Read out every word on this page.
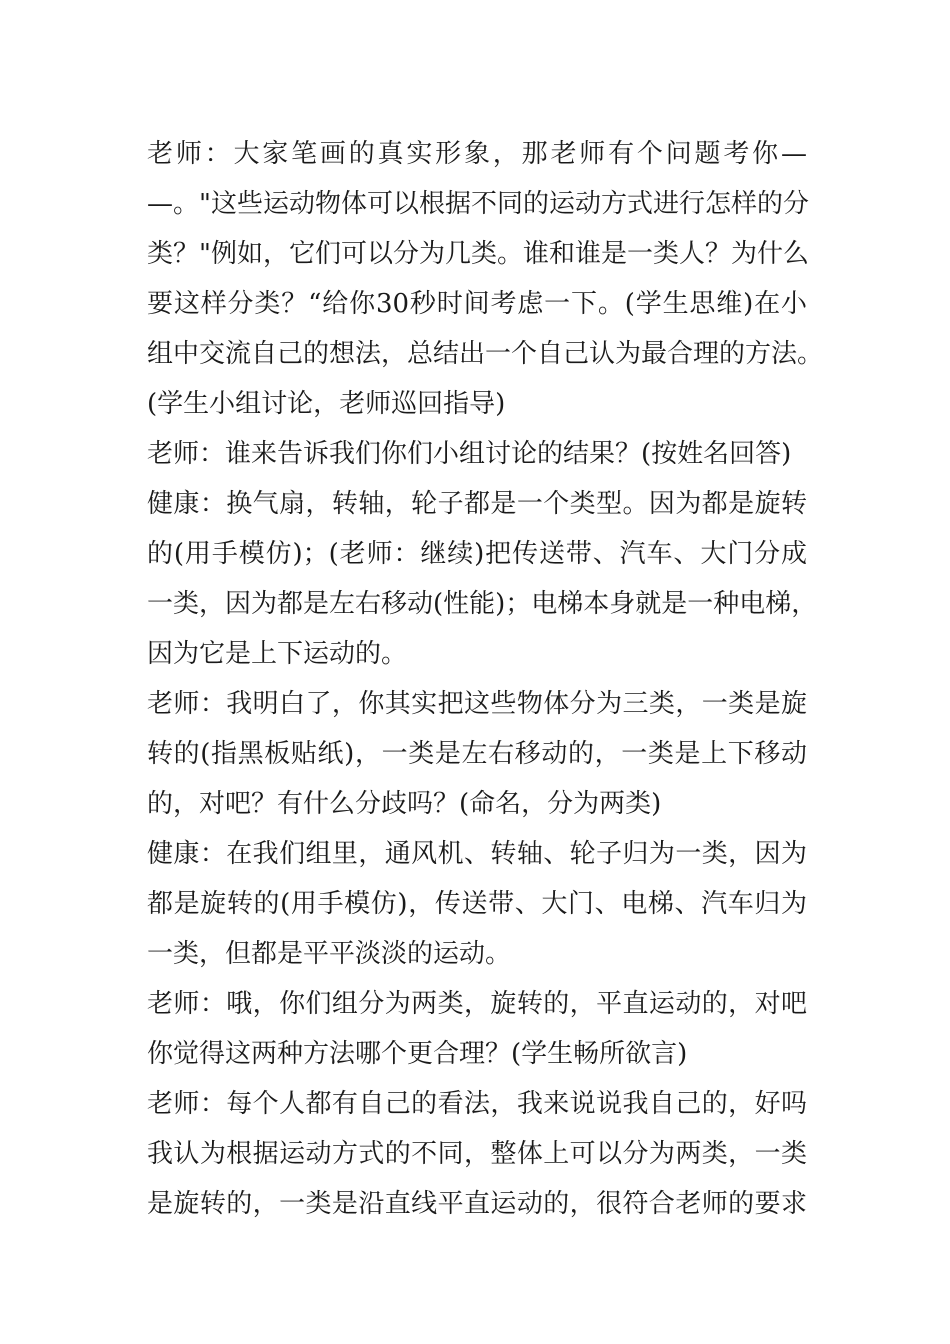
老师：大家笔画的真实形象，那老师有个问题考你—
—。"这些运动物体可以根据不同的运动方式进行怎样的分
类？"例如，它们可以分为几类。谁和谁是一类人？为什么
要这样分类？“给你30秒时间考虑一下。(学生思维)在小
组中交流自己的想法，总结出一个自己认为最合理的方法。
(学生小组讨论，老师巡回指导)
老师：谁来告诉我们你们小组讨论的结果？(按姓名回答)
健康：换气扇，转轴，轮子都是一个类型。因为都是旋转
的(用手模仿)；(老师：继续)把传送带、汽车、大门分成
一类，因为都是左右移动(性能)；电梯本身就是一种电梯，
因为它是上下运动的。
老师：我明白了，你其实把这些物体分为三类，一类是旋
转的(指黑板贴纸)，一类是左右移动的，一类是上下移动
的，对吧？有什么分歧吗？(命名，分为两类)
健康：在我们组里，通风机、转轴、轮子归为一类，因为
都是旋转的(用手模仿)，传送带、大门、电梯、汽车归为
一类，但都是平平淡淡的运动。
老师：哦，你们组分为两类，旋转的，平直运动的，对吧
你觉得这两种方法哪个更合理？(学生畅所欲言)
老师：每个人都有自己的看法，我来说说我自己的，好吗
我认为根据运动方式的不同，整体上可以分为两类，一类
是旋转的，一类是沿直线平直运动的，很符合老师的要求
